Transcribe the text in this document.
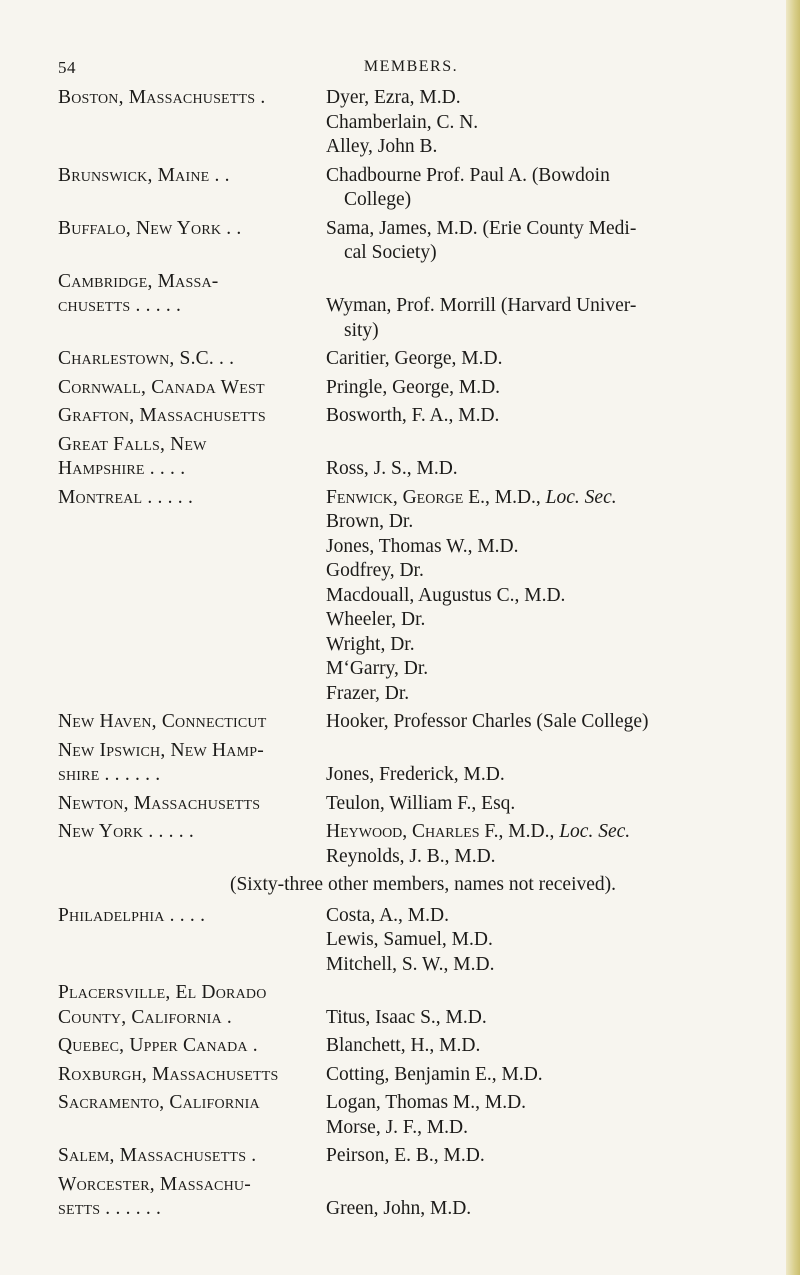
54	MEMBERS.
Boston, Massachusetts .	Dyer, Ezra, M.D.
Chamberlain, C. N.
Alley, John B.
Brunswick, Maine . .	Chadbourne Prof. Paul A. (Bowdoin
College)
Buffalo, New York . .	Sama, James, M.D. (Erie County Medi-
cal Society)
Cambridge, Massa-
chusetts . . . . .
	Wyman, Prof. Morrill (Harvard Univer-
sity)
Charlestown, S.C. . .	Caritier, George, M.D.
Cornwall, Canada West	Pringle, George, M.D.
Grafton, Massachusetts	Bosworth, F. A., M.D.
Great Falls, New
Hampshire . . . .
	Ross, J. S., M.D.
Montreal . . . . .	Fenwick, George E., M.D., Loc. Sec.
Brown, Dr.
Jones, Thomas W., M.D.
Godfrey, Dr.
Macdouall, Augustus C., M.D.
Wheeler, Dr.
Wright, Dr.
M‘Garry, Dr.
Frazer, Dr.
New Haven, Connecticut	Hooker, Professor Charles (Sale College)
New Ipswich, New Hamp-
shire . . . . . .
	Jones, Frederick, M.D.
Newton, Massachusetts	Teulon, William F., Esq.
New York . . . . .	Heywood, Charles F., M.D., Loc. Sec.
Reynolds, J. B., M.D.
(Sixty-three other members, names not received).
Philadelphia . . . .	Costa, A., M.D.
Lewis, Samuel, M.D.
Mitchell, S. W., M.D.
Placersville, El Dorado
County, California .
	Titus, Isaac S., M.D.
Quebec, Upper Canada .	Blanchett, H., M.D.
Roxburgh, Massachusetts	Cotting, Benjamin E., M.D.
Sacramento, California	Logan, Thomas M., M.D.
Morse, J. F., M.D.
Salem, Massachusetts .	Peirson, E. B., M.D.
Worcester, Massachu-
setts . . . . . .
	Green, John, M.D.
